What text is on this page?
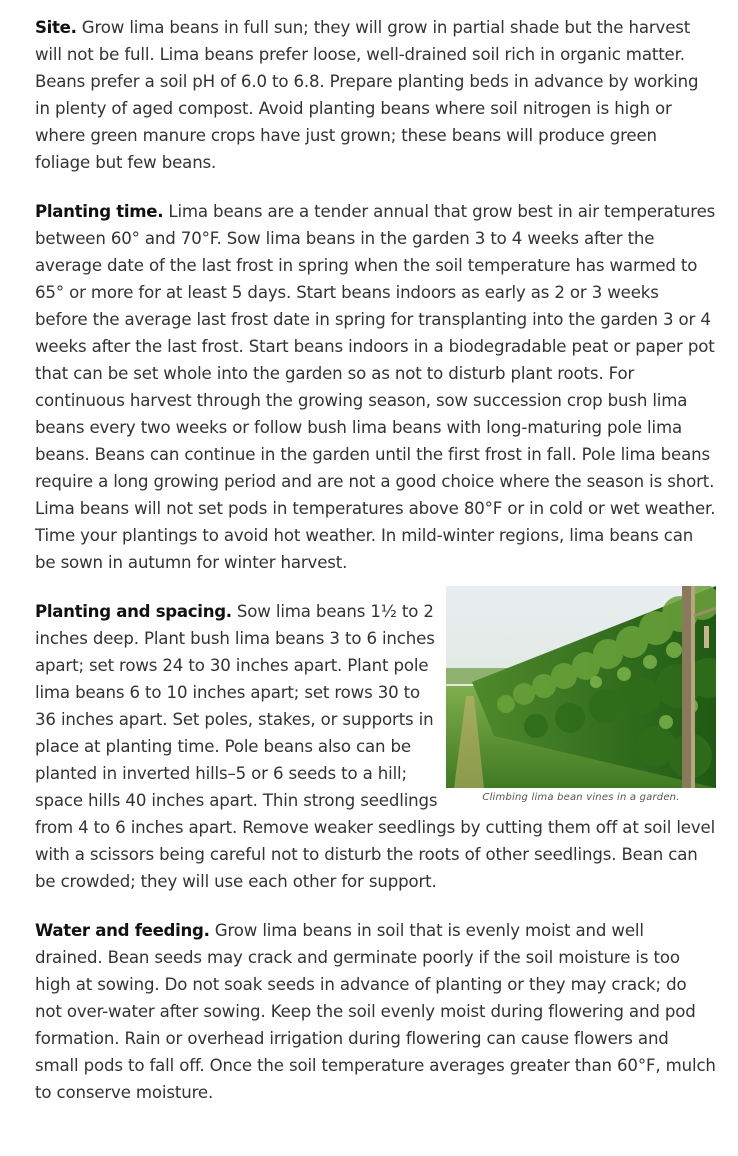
Site. Grow lima beans in full sun; they will grow in partial shade but the harvest will not be full. Lima beans prefer loose, well-drained soil rich in organic matter. Beans prefer a soil pH of 6.0 to 6.8. Prepare planting beds in advance by working in plenty of aged compost. Avoid planting beans where soil nitrogen is high or where green manure crops have just grown; these beans will produce green foliage but few beans.

Planting time. Lima beans are a tender annual that grow best in air temperatures between 60° and 70°F. Sow lima beans in the garden 3 to 4 weeks after the average date of the last frost in spring when the soil temperature has warmed to 65° or more for at least 5 days. Start beans indoors as early as 2 or 3 weeks before the average last frost date in spring for transplanting into the garden 3 or 4 weeks after the last frost. Start beans indoors in a biodegradable peat or paper pot that can be set whole into the garden so as not to disturb plant roots. For continuous harvest through the growing season, sow succession crop bush lima beans every two weeks or follow bush lima beans with long-maturing pole lima beans. Beans can continue in the garden until the first frost in fall. Pole lima beans require a long growing period and are not a good choice where the season is short. Lima beans will not set pods in temperatures above 80°F or in cold or wet weather. Time your plantings to avoid hot weather. In mild-winter regions, lima beans can be sown in autumn for winter harvest.

Climbing lima bean vines in a garden.
Planting and spacing. Sow lima beans 1½ to 2 inches deep. Plant bush lima beans 3 to 6 inches apart; set rows 24 to 30 inches apart. Plant pole lima beans 6 to 10 inches apart; set rows 30 to 36 inches apart. Set poles, stakes, or supports in place at planting time. Pole beans also can be planted in inverted hills–5 or 6 seeds to a hill; space hills 40 inches apart. Thin strong seedlings from 4 to 6 inches apart. Remove weaker seedlings by cutting them off at soil level with a scissors being careful not to disturb the roots of other seedlings. Bean can be crowded; they will use each other for support.

Water and feeding. Grow lima beans in soil that is evenly moist and well drained. Bean seeds may crack and germinate poorly if the soil moisture is too high at sowing. Do not soak seeds in advance of planting or they may crack; do not over-water after sowing. Keep the soil evenly moist during flowering and pod formation. Rain or overhead irrigation during flowering can cause flowers and small pods to fall off. Once the soil temperature averages greater than 60°F, mulch to conserve moisture.
